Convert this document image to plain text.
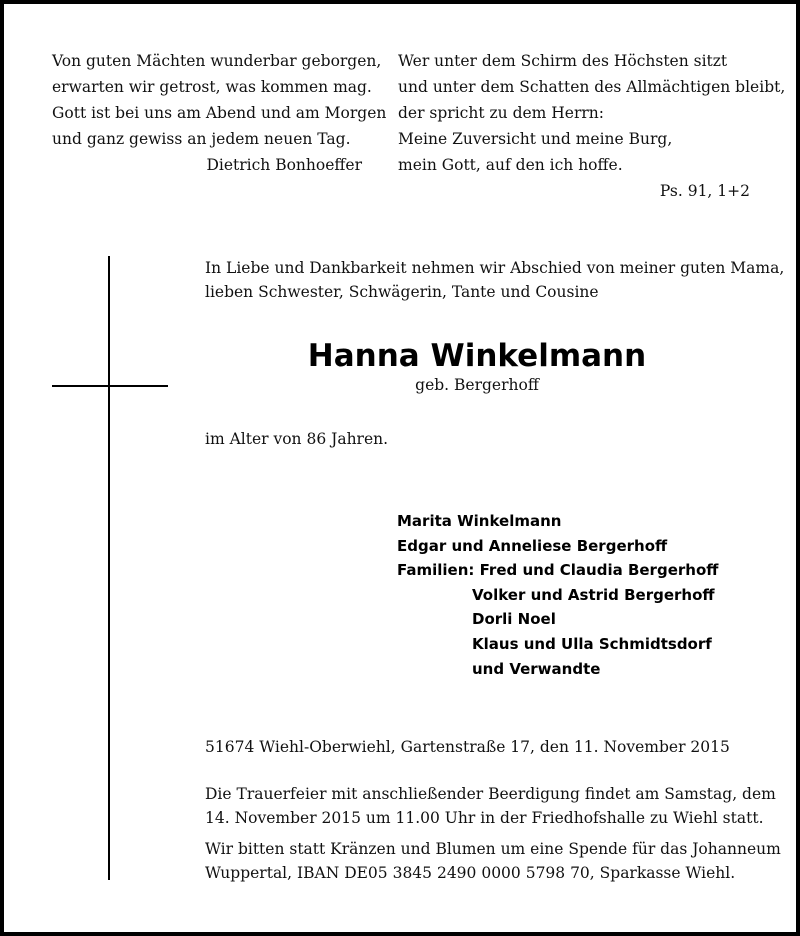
Von guten Mächten wunderbar geborgen,
erwarten wir getrost, was kommen mag.
Gott ist bei uns am Abend und am Morgen
und ganz gewiss an jedem neuen Tag.
Dietrich Bonhoeffer
Wer unter dem Schirm des Höchsten sitzt
und unter dem Schatten des Allmächtigen bleibt,
der spricht zu dem Herrn:
Meine Zuversicht und meine Burg,
mein Gott, auf den ich hoffe.
Ps. 91, 1+2
In Liebe und Dankbarkeit nehmen wir Abschied von meiner guten Mama,
lieben Schwester, Schwägerin, Tante und Cousine
Hanna Winkelmann
geb. Bergerhoff
im Alter von 86 Jahren.
Marita Winkelmann
Edgar und Anneliese Bergerhoff
Familien: Fred und Claudia Bergerhoff
Volker und Astrid Bergerhoff
Dorli Noel
Klaus und Ulla Schmidtsdorf
und Verwandte
51674 Wiehl-Oberwiehl, Gartenstraße 17, den 11. November 2015
Die Trauerfeier mit anschließender Beerdigung findet am Samstag, dem
14. November 2015 um 11.00 Uhr in der Friedhofshalle zu Wiehl statt.
Wir bitten statt Kränzen und Blumen um eine Spende für das Johanneum
Wuppertal, IBAN DE05 3845 2490 0000 5798 70, Sparkasse Wiehl.
